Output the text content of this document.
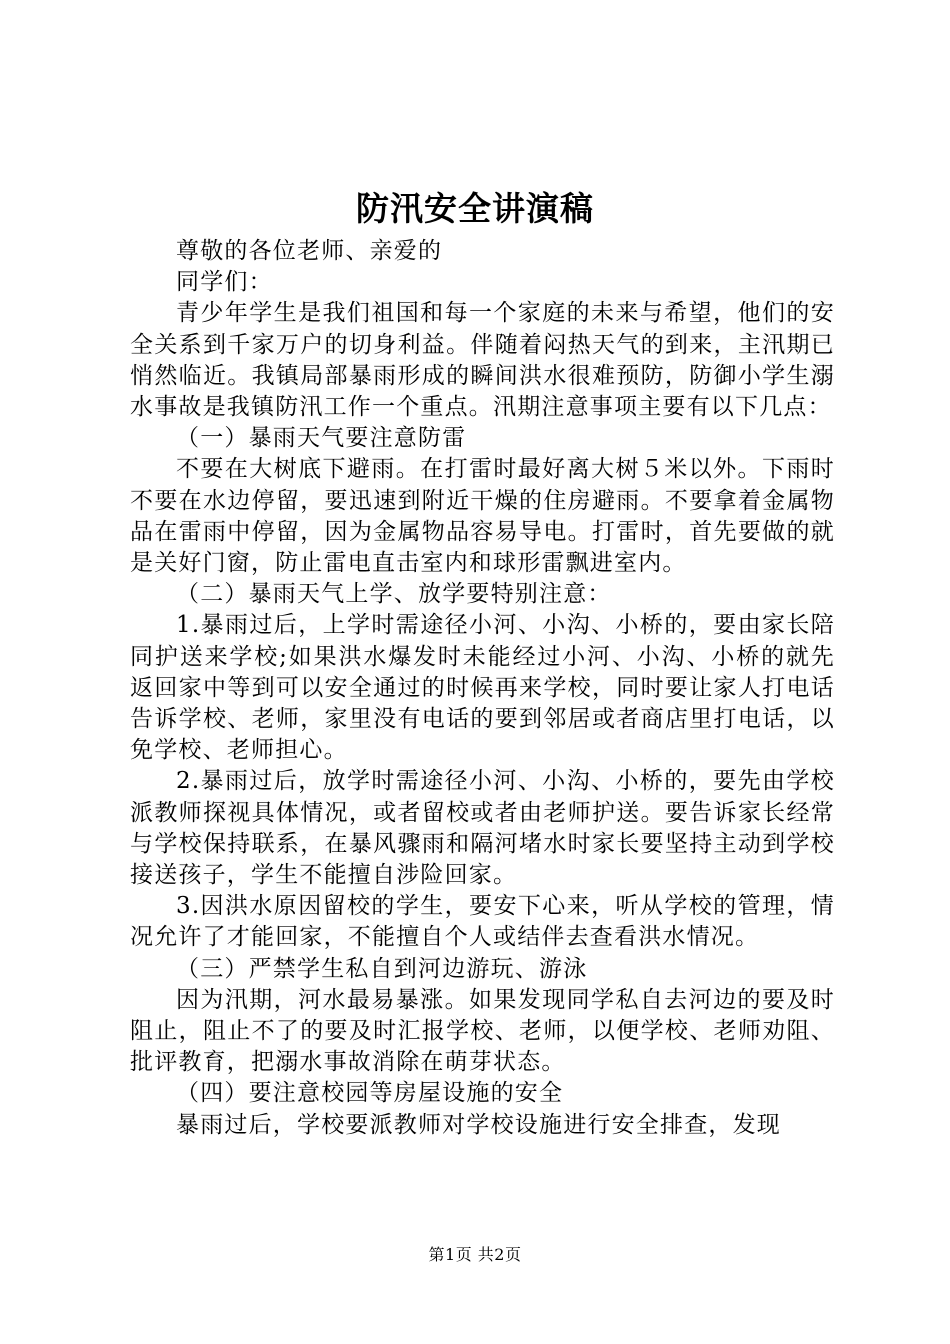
防汛安全讲演稿

尊敬的各位老师、亲爱的

同学们：

青少年学生是我们祖国和每一个家庭的未来与希望，他们的安全关系到千家万户的切身利益。伴随着闷热天气的到来，主汛期已悄然临近。我镇局部暴雨形成的瞬间洪水很难预防，防御小学生溺水事故是我镇防汛工作一个重点。汛期注意事项主要有以下几点：

（一）暴雨天气要注意防雷

不要在大树底下避雨。在打雷时最好离大树５米以外。下雨时不要在水边停留，要迅速到附近干燥的住房避雨。不要拿着金属物品在雷雨中停留，因为金属物品容易导电。打雷时，首先要做的就是关好门窗，防止雷电直击室内和球形雷飘进室内。

（二）暴雨天气上学、放学要特别注意：

1.暴雨过后，上学时需途径小河、小沟、小桥的，要由家长陪同护送来学校;如果洪水爆发时未能经过小河、小沟、小桥的就先返回家中等到可以安全通过的时候再来学校，同时要让家人打电话告诉学校、老师，家里没有电话的要到邻居或者商店里打电话，以免学校、老师担心。

2.暴雨过后，放学时需途径小河、小沟、小桥的，要先由学校派教师探视具体情况，或者留校或者由老师护送。要告诉家长经常与学校保持联系，在暴风骤雨和隔河堵水时家长要坚持主动到学校接送孩子，学生不能擅自涉险回家。

3.因洪水原因留校的学生，要安下心来，听从学校的管理，情况允许了才能回家，不能擅自个人或结伴去查看洪水情况。

（三）严禁学生私自到河边游玩、游泳

因为汛期，河水最易暴涨。如果发现同学私自去河边的要及时阻止，阻止不了的要及时汇报学校、老师，以便学校、老师劝阻、批评教育，把溺水事故消除在萌芽状态。

（四）要注意校园等房屋设施的安全

暴雨过后，学校要派教师对学校设施进行安全排查，发现

第1页 共2页
